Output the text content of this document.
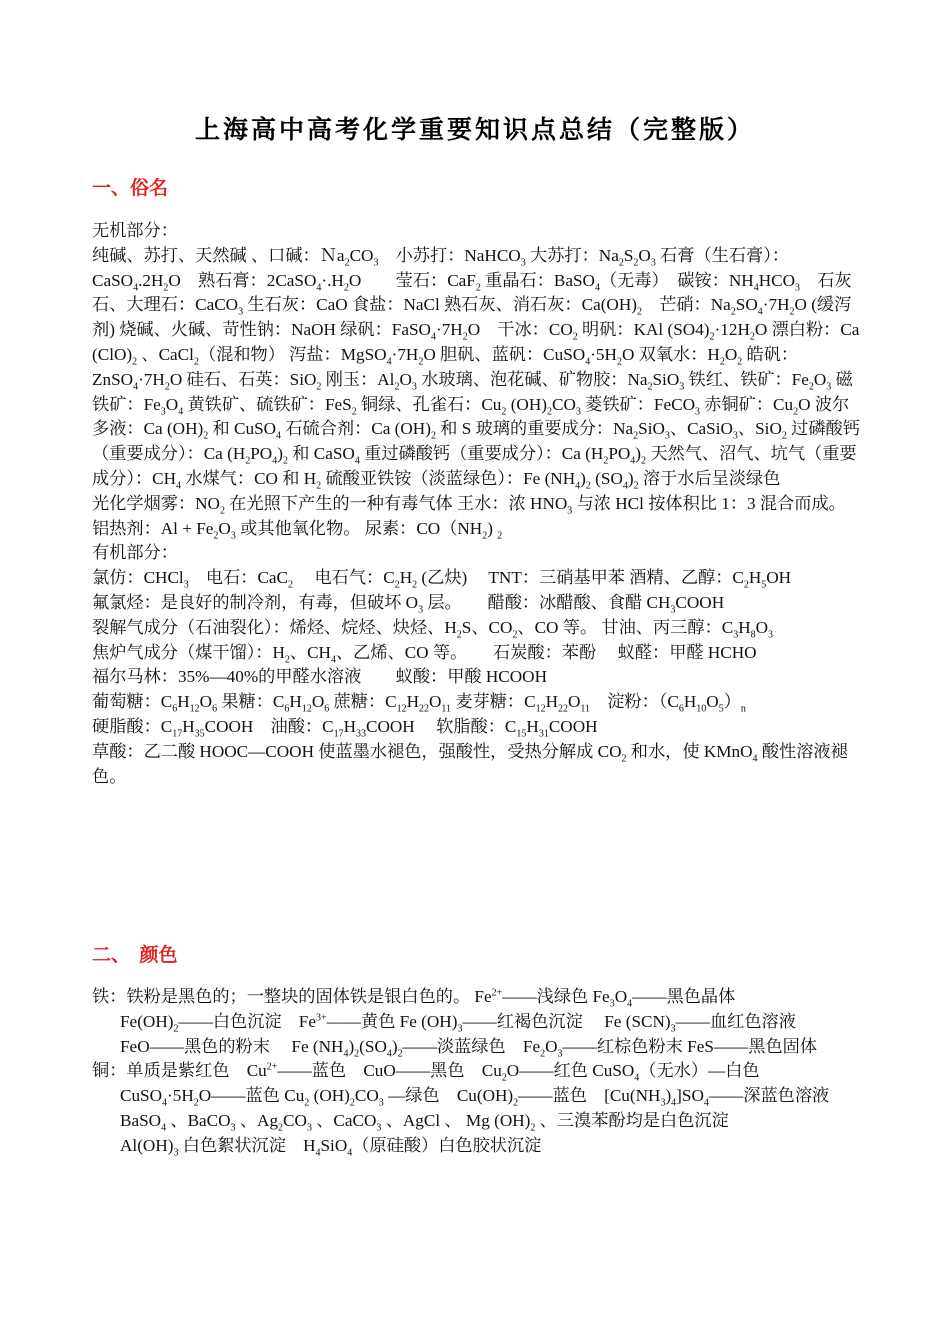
上海高中高考化学重要知识点总结（完整版）
一、俗名

无机部分：

纯碱、苏打、天然碱 、口碱：$Na_2CO_3$　小苏打：NaHCO$_3$ 大苏打：$Na_2S_2O_3$ 石膏（生石膏）：$CaSO_4.2H_2O$　熟石膏：$2CaSO_4\cdot.H_2O$　　莹石：CaF$_2$ 重晶石：BaSO$_4$（无毒）　碳铵：$NH_4HCO_3$　石灰石、大理石：CaCO$_3$ 生石灰：CaO 食盐：NaCl 熟石灰、消石灰：$Ca(OH)_2$　芒硝：$Na_2SO_4\cdot 7H_2O$ (缓泻剂) 烧碱、火碱、苛性钠：NaOH 绿矾：$FaSO_4\cdot 7H_2O$　干冰：$CO_2$ 明矾：KAl $(SO4)_2\cdot 12H_2O$ 漂白粉：Ca $(ClO)_2$ 、CaCl$_2$（混和物） 泻盐：$MgSO_4\cdot 7H_2O$ 胆矾、蓝矾：$CuSO_4\cdot 5H_2O$ 双氧水：$H_2O_2$ 皓矾：$ZnSO_4\cdot 7H_2O$ 硅石、石英：SiO$_2$ 刚玉：$Al_2O_3$ 水玻璃、泡花碱、矿物胶：$Na_2SiO_3$ 铁红、铁矿：$Fe_2O_3$ 磁铁矿：$Fe_3O_4$ 黄铁矿、硫铁矿：FeS$_2$ 铜绿、孔雀石：$Cu_2$ $(OH)_2CO_3$ 菱铁矿：FeCO$_3$ 赤铜矿：$Cu_2O$ 波尔多液：Ca $(OH)_2$ 和 CuSO$_4$ 石硫合剂：Ca $(OH)_2$ 和 S 玻璃的重要成分：$Na_2SiO_3$、CaSiO$_3$、SiO$_2$ 过磷酸钙（重要成分）：Ca $(H_2PO_4)_2$ 和 CaSO$_4$ 重过磷酸钙（重要成分）：Ca $(H_2PO_4)_2$ 天然气、沼气、坑气（重要成分）：$CH_4$ 水煤气：CO 和 $H_2$ 硫酸亚铁铵（淡蓝绿色）：Fe $(NH_4)_2$ $(SO_4)_2$ 溶于水后呈淡绿色

光化学烟雾：$NO_2$ 在光照下产生的一种有毒气体 王水：浓 $HNO_3$ 与浓 HCl 按体积比 1：3 混合而成。

铝热剂：$Al + Fe_2O_3$ 或其他氧化物。 尿素：$CO(NH_2)$ $_2$

有机部分：

氯仿：CHCl$_3$　电石：CaC$_2$　 电石气：$C_2H_2$ (乙炔)　 TNT：三硝基甲苯 酒精、乙醇：$C_2H_5OH$

氟氯烃：是良好的制冷剂，有毒，但破坏 $O_3$ 层。　　醋酸：冰醋酸、食醋 $CH_3COOH$

裂解气成分（石油裂化）：烯烃、烷烃、炔烃、$H_2S$、$CO_2$、CO 等。 甘油、丙三醇：$C_3H_8O_3$

焦炉气成分（煤干馏）：$H_2$、$CH_4$、乙烯、CO 等。　　石炭酸：苯酚　 蚁醛：甲醛 HCHO

福尔马林：35%—40%的甲醛水溶液　　蚁酸：甲酸 HCOOH

葡萄糖：$C_6H_{12}O_6$ 果糖：$C_6H_{12}O_6$ 蔗糖：$C_{12}H_{22}O_{11}$ 麦芽糖：$C_{12}H_{22}O_{11}$　淀粉：$(C_6H_{10}O_5)_n$

硬脂酸：$C_{17}H_{35}COOH$　油酸：$C_{17}H_{33}COOH$　 软脂酸：$C_{15}H_{31}COOH$

草酸：乙二酸 HOOC—COOH 使蓝墨水褪色，强酸性，受热分解成 $CO_2$ 和水，使 KMnO$_4$ 酸性溶液褪色。

二、　颜色

铁：铁粉是黑色的；一整块的固体铁是银白色的。 $Fe^{2+}——$浅绿色 $Fe_3O_4——$黑色晶体

$Fe(OH)_2——$白色沉淀　$Fe^{3+}——$黄色 Fe $(OH)_3——$红褐色沉淀　 Fe $(SCN)_3——$血红色溶液

FeO——黑色的粉末　 Fe $(NH_4)_2(SO_4)_2——$淡蓝绿色　$Fe_2O_3——$红棕色粉末 FeS——黑色固体

铜：单质是紫红色　$Cu^{2+}——$蓝色　CuO——黑色　$Cu_2O——$红色 CuSO$_4$（无水）—白色

$CuSO_4\cdot 5H_2O——$蓝色 $Cu_2$ $(OH)_2CO_3$ —绿色　$Cu(OH)_2——$蓝色　$[Cu(NH_3)_4]SO_4——$深蓝色溶液

BaSO$_4$ 、BaCO$_3$ 、$Ag_2CO_3$ 、CaCO$_3$ 、AgCl 、 Mg $(OH)_2$ 、三溴苯酚均是白色沉淀

$Al(OH)_3$ 白色絮状沉淀　$H_4SiO_4$（原硅酸）白色胶状沉淀
